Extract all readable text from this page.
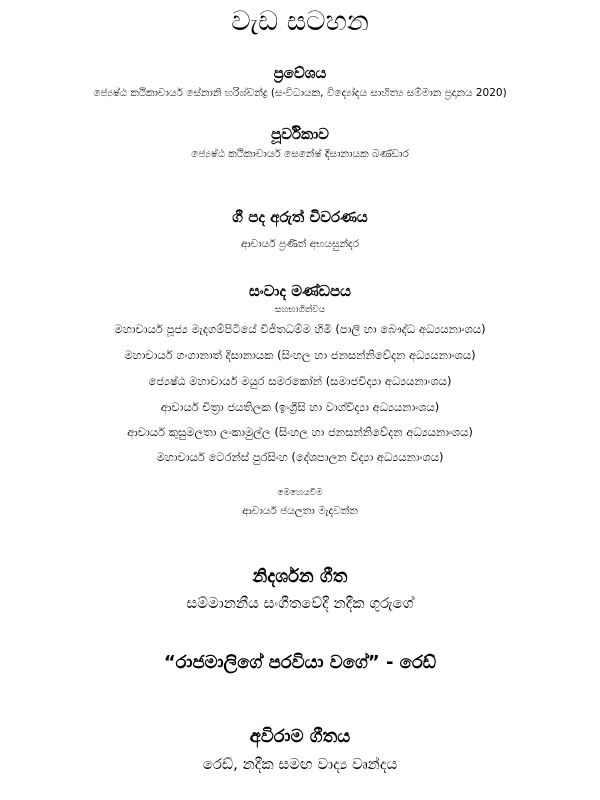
වැඩ සටහන
ප්‍රවේශය
ජ්‍යෙෂ්ඨ කථිකාචාර්ය සේනානි හරිශ්චන්ද්‍ර (සංවිධායක, විද්‍යෝදය සාහිත්‍ය සම්මාන ප්‍රදානය 2020)
පූර්විකාව
ජ්‍යෙෂ්ඨ කථිකාචාර්ය සෙනේෂ් දිසානායක බණ්ඩාර
ගී පද අරුත් විවරණය
ආචාර්ය ප්‍රණීත් අභයසුන්දර
සංවාද මණ්ඩපය
සහභාගිත්වය
මහාචාර්ය පූජ්‍ය මැදගම්පිටියේ විජිතධම්ම හිමි (පාලි හා බෞද්ධ අධ්‍යයනාංශය)
මහාචාර්ය ගංගානාත් දිසානායක (සිංහල හා ජනසන්නිවේදන අධ්‍යයනාංශය)
ජ්‍යෙෂ්ඨ මහාචාර්ය මයුර සමරකෝන් (සමාජවිද්‍යා අධ්‍යයනාංශය)
ආචාර්ය චිත්‍රා ජයතිලක (ඉංග්‍රීසි හා වාග්විද්‍යා අධ්‍යයනාංශය)
ආචාර්ය කුසුමලතා ලංකාමුල්ල (සිංහල හා ජනසන්නිවේදන අධ්‍යයනාංශය)
මහාචාර්ය ටෙරන්ස් පුරසිංහ (දේශපාලන විද්‍යා අධ්‍යයනාංශය)
මෙහෙයවීම
ආචාර්ය ජයලතා මැදවත්ත
නිදර්ශන ගීත
සම්මානනීය සංගීතවේදී නදීක ගුරුගේ
“රාජමාලිගේ පරවියා වගේ” - රෙඩ්
අවිරාම ගීතය
රෙඩ්, නදීක සමඟ වාද්‍ය වෘන්දය
